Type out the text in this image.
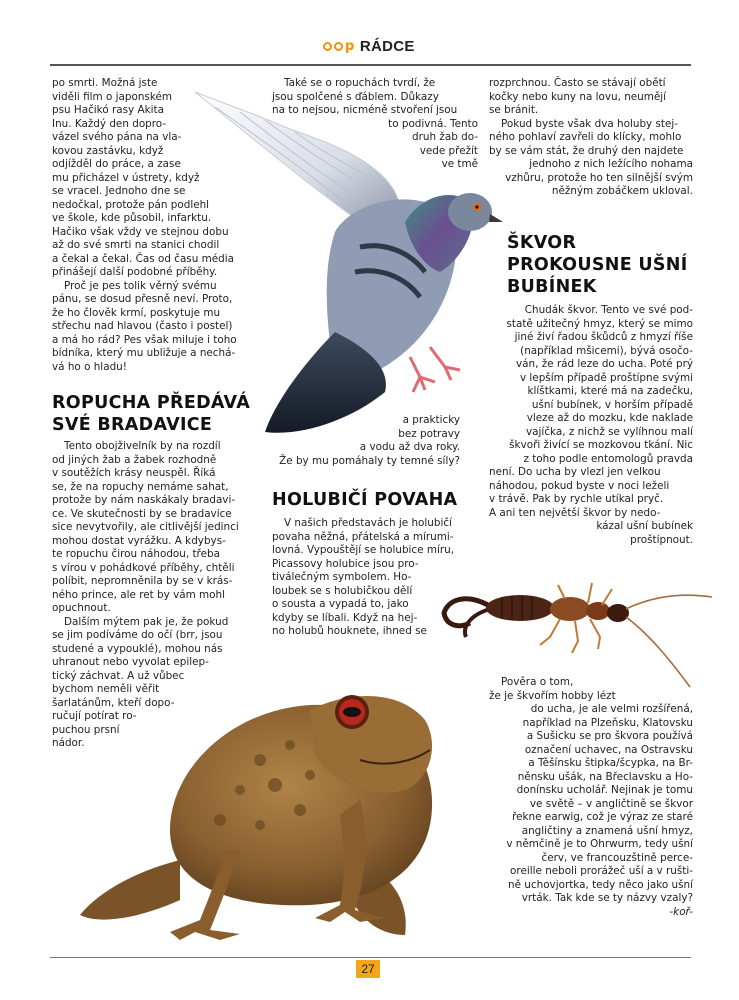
p RÁDCE

po smrti. Možná jste
viděli film o japonském
psu Hačikó rasy Akita
Inu. Každý den dopro-
vázel svého pána na vla-
kovou zastávku, když
odjížděl do práce, a zase
mu přicházel v ústrety, když
se vracel. Jednoho dne se
nedočkal, protože pán podlehl
ve škole, kde působil, infarktu.
Hačiko však vždy ve stejnou dobu
až do své smrti na stanici chodil
a čekal a čekal. Čas od času média
přinášejí další podobné příběhy.

Proč je pes tolik věrný svému
pánu, se dosud přesně neví. Proto,
že ho člověk krmí, poskytuje mu
střechu nad hlavou (často i postel)
a má ho rád? Pes však miluje i toho
bídníka, který mu ubližuje a nechá-
vá ho o hladu!

ROPUCHA PŘEDÁVÁ
SVÉ BRADAVICE

Tento obojživelník by na rozdíl
od jiných žab a žabek rozhodně
v soutěžích krásy neuspěl. Říká
se, že na ropuchy nemáme sahat,
protože by nám naskákaly bradavi-
ce. Ve skutečnosti by se bradavice
sice nevytvořily, ale citlivější jedinci
mohou dostat vyrážku. A kdybys-
te ropuchu čirou náhodou, třeba
s vírou v pohádkové příběhy, chtěli
políbit, nepromněnila by se v krás-
ného prince, ale ret by vám mohl
opuchnout.

Dalším mýtem pak je, že pokud
se jim podíváme do očí (brr, jsou
studené a vypouklé), mohou nás
uhranout nebo vyvolat epilep-
tický záchvat. A už vůbec
bychom neměli věřit
šarlatánům, kteří dopo-
ručují potírat ro-
puchou prsní
nádor.

Také se o ropuchách tvrdí, že
jsou spolčené s ďáblem. Důkazy
na to nejsou, nicméně stvoření jsou
to podivná. Tento
druh žab do-
vede přežít
ve tmě
a prakticky
bez potravy
a vodu až dva roky.
Že by mu pomáhaly ty temné síly?
HOLUBIČÍ POVAHA

V našich představách je holubičí
povaha něžná, přátelská a mírumi-
lovná. Vypouštějí se holubice míru,
Picassovy holubice jsou pro-
tiválečným symbolem. Ho-
loubek se s holubičkou dělí
o sousta a vypadá to, jako
kdyby se líbali. Když na hej-
no holubů houknete, ihned se

rozprchnou. Často se stávají obětí
kočky nebo kuny na lovu, neumějí
se bránit.

Pokud byste však dva holuby stej-
ného pohlaví zavřeli do klícky, mohlo
by se vám stát, že druhý den najdete
jednoho z nich ležícího nohama
vzhůru, protože ho ten silnější svým
něžným zobáčkem ukloval.

ŠKVOR
PROKOUSNE UŠNÍ
BUBÍNEK

Chudák škvor. Tento ve své pod-
statě užitečný hmyz, který se mimo
jiné živí řadou škůdců z hmyzí říše
(například mšicemi), bývá osočo-
ván, že rád leze do ucha. Poté prý
v lepším případě proštípne svými
klíštkami, které má na zadečku,
ušní bubínek, v horším případě
vleze až do mozku, kde naklade
vajíčka, z nichž se vylíhnou malí
škvoři živící se mozkovou tkání. Nic
z toho podle entomologů pravda
není. Do ucha by vlezl jen velkou
náhodou, pokud byste v noci leželi
v trávě. Pak by rychle utíkal pryč.
A ani ten největší škvor by nedo-
kázal ušní bubínek
proštípnout.

Pověra o tom,
že je škvořím hobby lézt
do ucha, je ale velmi rozšířená,
například na Plzeňsku, Klatovsku
a Sušicku se pro škvora používá
označení uchavec, na Ostravsku
a Těšínsku štipka/šcypka, na Br-
něnsku ušák, na Břeclavsku a Ho-
donínsku ucholář. Nejinak je tomu
ve světě – v angličtině se škvor
řekne earwig, což je výraz ze staré
angličtiny a znamená ušní hmyz,
v němčině je to Ohrwurm, tedy ušní
červ, ve francouzštině perce-
oreille neboli prorážeč uší a v rušti-
ně uchovjortka, tedy něco jako ušní
vrták. Tak kde se ty názvy vzaly?
-koř-
27
